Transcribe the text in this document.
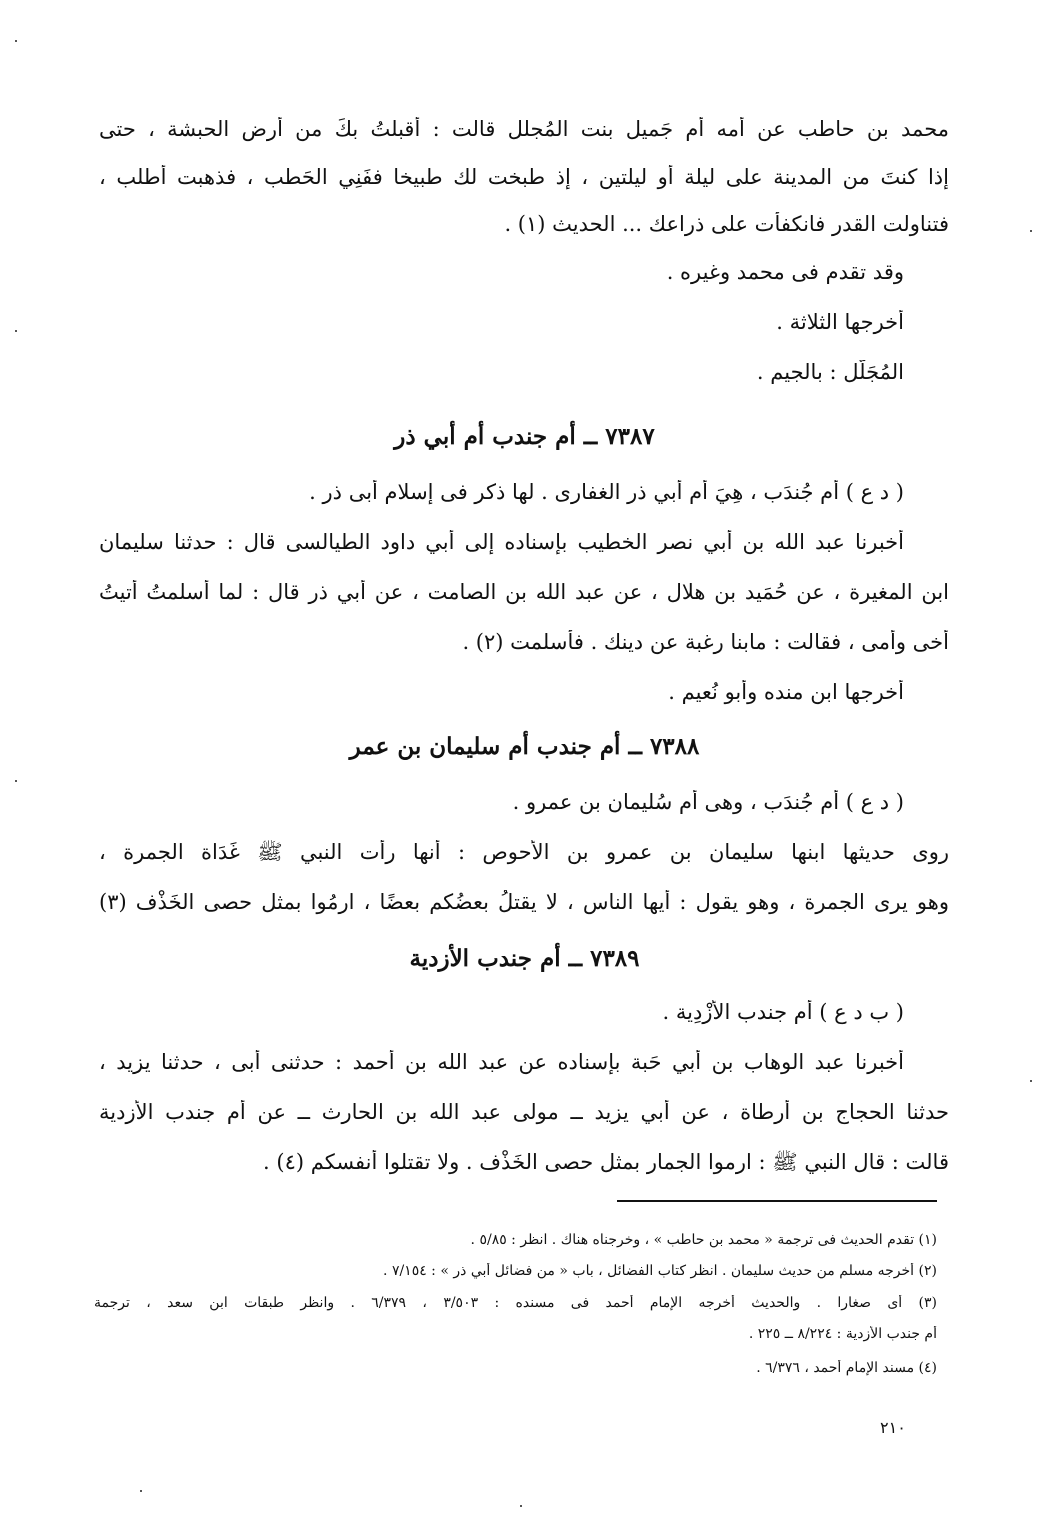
محمد بن حاطب عن أمه أم جَميل بنت المُجلل قالت : أقبلتُ بكَ من أرض الحبشة ، حتى
إذا كنتَ من المدينة على ليلة أو ليلتين ، إذ طبخت لك طبيخا ففَنِي الحَطب ، فذهبت أطلب ،
فتناولت القدر فانكفأَت على ذراعك ... الحديث (١) .
وقد تقدم فى محمد وغيره .
أخرجها الثلاثة .
المُجَلَّل : بالجيم .
٧٣٨٧ ــ أم جندب أم أبي ذر
( د ع ) أم جُندَب ، هِيَ أم أبي ذر الغفارى . لها ذكر فى إسلام أبى ذر .
أخبرنا عبد الله بن أبي نصر الخطيب بإسناده إلى أبي داود الطيالسى قال : حدثنا سليمان
ابن المغيرة ، عن حُمَيد بن هلال ، عن عبد الله بن الصامت ، عن أبي ذر قال : لما أسلمتُ أتيتُ
أخى وأمى ، فقالت : مابنا رغبة عن دينك . فأسلمت (٢) .
أخرجها ابن منده وأبو نُعيم .
٧٣٨٨ ــ أم جندب أم سليمان بن عمر
( د ع ) أم جُندَب ، وهى أم سُليمان بن عمرو .
روى حديثها ابنها سليمان بن عمرو بن الأحوص : أنها رأت النبي ﷺ غَدَاة الجمرة ،
وهو يرى الجمرة ، وهو يقول : أيها الناس ، لا يقتلُ بعضُكم بعضًا ، ارمُوا بمثل حصى الخَذْف (٣)
٧٣٨٩ ــ أم جندب الأزدية
( ب د ع ) أم جندب الأَزْدِية .
أخبرنا عبد الوهاب بن أبي حَبة بإسناده عن عبد الله بن أحمد : حدثنى أبى ، حدثنا يزيد ،
حدثنا الحجاج بن أرطاة ، عن أبي يزيد ــ مولى عبد الله بن الحارث ــ عن أم جندب الأزدية
قالت : قال النبي ﷺ : ارموا الجمار بمثل حصى الخَذْف . ولا تقتلوا أنفسكم (٤) .
(١) تقدم الحديث فى ترجمة « محمد بن حاطب » ، وخرجناه هناك . انظر : ٥/٨٥ .
(٢) أخرجه مسلم من حديث سليمان . انظر كتاب الفضائل ، باب « من فضائل أبي ذر » : ٧/١٥٤ .
(٣) أى صغارا . والحديث أخرجه الإمام أحمد فى مسنده : ٣/٥٠٣ ، ٦/٣٧٩ . وانظر طبقات ابن سعد ، ترجمة
أم جندب الأزدية : ٨/٢٢٤ ــ ٢٢٥ .
(٤) مسند الإمام أحمد ، ٦/٣٧٦ .
٢١٠
